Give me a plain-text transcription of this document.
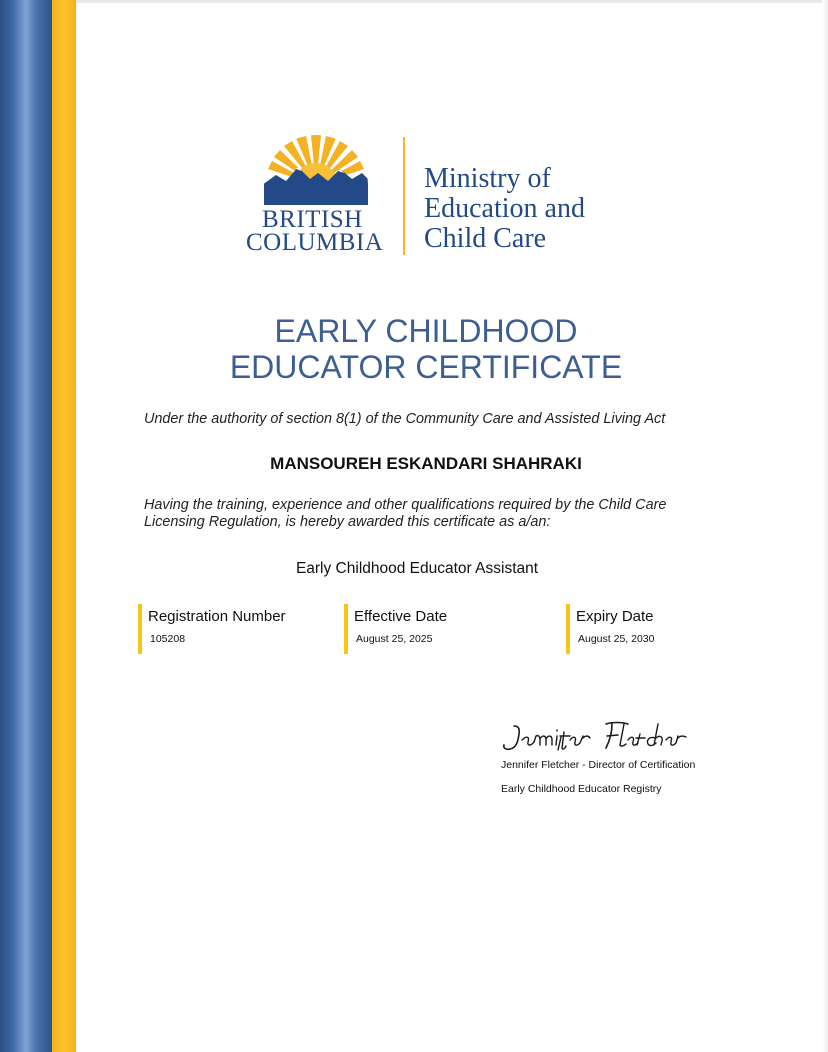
BRITISH
COLUMBIA
Ministry of
Education and
Child Care
EARLY CHILDHOOD
EDUCATOR CERTIFICATE
Under the authority of section 8(1) of the Community Care and Assisted Living Act
MANSOUREH ESKANDARI SHAHRAKI
Having the training, experience and other qualifications required by the Child Care Licensing Regulation, is hereby awarded this certificate as a/an:
Early Childhood Educator Assistant
Registration Number
105208
Effective Date
August 25, 2025
Expiry Date
August 25, 2030
Jennifer Fletcher - Director of Certification
Early Childhood Educator Registry
